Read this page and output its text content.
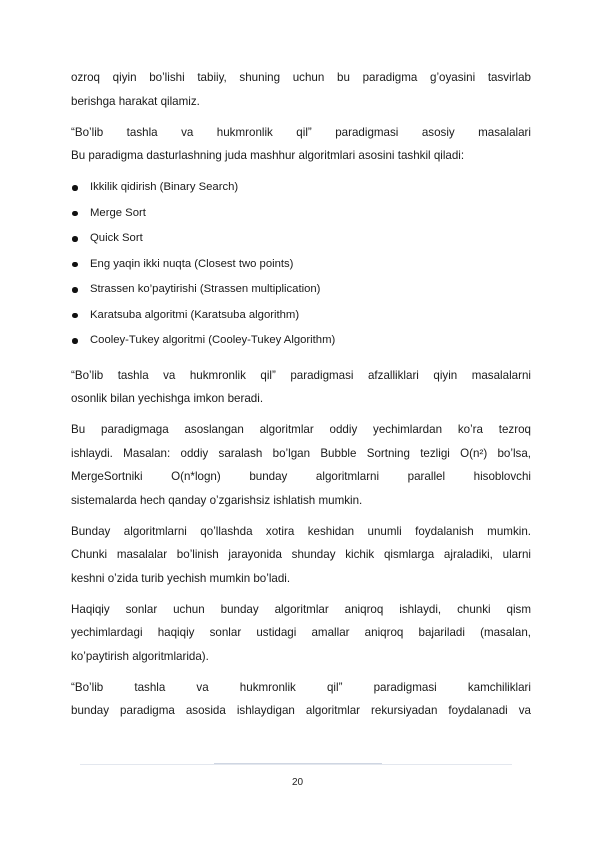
ozroq qiyin bo’lishi tabiiy, shuning uchun bu paradigma g’oyasini tasvirlab
berishga harakat qilamiz.

“Bo’lib tashla va hukmronlik qil” paradigmasi asosiy masalalari
Bu paradigma dasturlashning juda mashhur algoritmlari asosini tashkil qiladi:

Ikkilik qidirish (Binary Search)
Merge Sort
Quick Sort
Eng yaqin ikki nuqta (Closest two points)
Strassen ko’paytirishi (Strassen multiplication)
Karatsuba algoritmi (Karatsuba algorithm)
Cooley-Tukey algoritmi (Cooley-Tukey Algorithm)

“Bo’lib tashla va hukmronlik qil” paradigmasi afzalliklari qiyin masalalarni
osonlik bilan yechishga imkon beradi.

Bu paradigmaga asoslangan algoritmlar oddiy yechimlardan ko’ra tezroq
ishlaydi. Masalan: oddiy saralash bo’lgan Bubble Sortning tezligi O(n²) bo’lsa,
MergeSortniki O(n*logn) bunday algoritmlarni parallel hisoblovchi
sistemalarda hech qanday o’zgarishsiz ishlatish mumkin.

Bunday algoritmlarni qo’llashda xotira keshidan unumli foydalanish mumkin.
Chunki masalalar bo’linish jarayonida shunday kichik qismlarga ajraladiki, ularni
keshni o’zida turib yechish mumkin bo’ladi.

Haqiqiy sonlar uchun bunday algoritmlar aniqroq ishlaydi, chunki qism
yechimlardagi haqiqiy sonlar ustidagi amallar aniqroq bajariladi (masalan,
ko’paytirish algoritmlarida).

“Bo’lib tashla va hukmronlik qil” paradigmasi kamchiliklari
bunday paradigma asosida ishlaydigan algoritmlar rekursiyadan foydalanadi va

20
